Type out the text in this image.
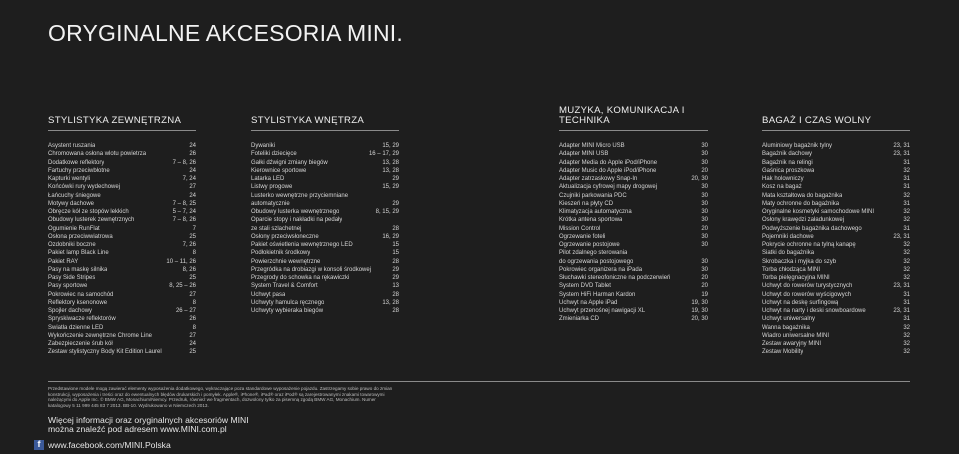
ORYGINALNE AKCESORIA MINI.
STYLISTYKA ZEWNĘTRZNA
Asystent ruszania	24
Chromowana osłona wlotu powietrza	26
Dodatkowe reflektory	7 – 8, 26
Fartuchy przeciwbłotne	24
Kapturki wentyli	7, 24
Końcówki rury wydechowej	27
Łańcuchy śniegowe	24
Motywy dachowe	7 – 8, 25
Obręcze kół ze stopów lekkich	5 – 7, 24
Obudowy lusterek zewnętrznych	7 – 8, 26
Ogumienie RunFlat	7
Osłona przeciwwiatrowa	25
Ozdobniki boczne	7, 26
Pakiet lamp Black Line	8
Pakiet RAY	10 – 11, 26
Pasy na maskę silnika	8, 26
Pasy Side Stripes	25
Pasy sportowe	8, 25 – 26
Pokrowiec na samochód	27
Reflektory ksenonowe	8
Spojler dachowy	26 – 27
Spryskiwacze reflektorów	26
Światła dzienne LED	8
Wykończenie zewnętrzne Chrome Line	27
Zabezpieczenie śrub kół	24
Zestaw stylistyczny Body Kit Edition Laurel	25
STYLISTYKA WNĘTRZA
Dywaniki	15, 29
Foteliki dziecięce	16 – 17, 29
Gałki dźwigni zmiany biegów	13, 28
Kierownice sportowe	13, 28
Latarka LED	29
Listwy progowe	15, 29
Lusterko wewnętrzne przyciemniane
automatycznie	29
Obudowy lusterka wewnętrznego	8, 15, 29
Oparcie stopy i nakładki na pedały
ze stali szlachetnej	28
Osłony przeciwsłoneczne	16, 29
Pakiet oświetlenia wewnętrznego LED	15
Podłokietnik środkowy	15
Powierzchnie wewnętrzne	28
Przegródka na drobiazgi w konsoli środkowej	29
Przegrody do schowka na rękawiczki	29
System Travel & Comfort	13
Uchwyt pasa	28
Uchwyty hamulca ręcznego	13, 28
Uchwyty wybieraka biegów	28
MUZYKA, KOMUNIKACJA I TECHNIKA
Adapter MINI Micro USB	30
Adapter MINI USB	30
Adapter Media do Apple iPod/iPhone	30
Adapter Music do Apple iPod/iPhone	20
Adapter zatrzaskowy Snap-In	20, 30
Aktualizacja cyfrowej mapy drogowej	30
Czujniki parkowania PDC	30
Kieszeń na płyty CD	30
Klimatyzacja automatyczna	30
Krótka antena sportowa	30
Mission Control	20
Ogrzewanie foteli	30
Ogrzewanie postojowe	30
Pilot zdalnego sterowania
do ogrzewania postojowego	30
Pokrowiec organizera na iPada	30
Słuchawki stereofoniczne na podczerwień	20
System DVD Tablet	20
System HiFi Harman Kardon	19
Uchwyt na Apple iPad	19, 30
Uchwyt przenośnej nawigacji XL	19, 30
Zmieniarka CD	20, 30
BAGAŻ I CZAS WOLNY
Aluminiowy bagażnik tylny	23, 31
Bagażnik dachowy	23, 31
Bagażnik na relingi	31
Gaśnica proszkowa	32
Hak holowniczy	31
Kosz na bagaż	31
Mata kształtowa do bagażnika	32
Maty ochronne do bagażnika	31
Oryginalne kosmetyki samochodowe MINI	32
Osłony krawędzi załadunkowej	32
Podwyższenie bagażnika dachowego	31
Pojemniki dachowe	23, 31
Pokrycie ochronne na tylną kanapę	32
Siatki do bagażnika	32
Skrobaczka i myjka do szyb	32
Torba chłodząca MINI	32
Torba pielęgnacyjna MINI	32
Uchwyt do rowerów turystycznych	23, 31
Uchwyt do rowerów wyścigowych	31
Uchwyt na deskę surfingową	31
Uchwyt na narty i deski snowboardowe	23, 31
Uchwyt uniwersalny	31
Wanna bagażnika	32
Wiadro uniwersalne MINI	32
Zestaw awaryjny MINI	32
Zestaw Mobility	32
Przedstawione modele mogą zawierać elementy wyposażenia dodatkowego, wykraczające poza standardowe wyposażenie pojazdu. Zastrzegamy sobie prawo do zmian konstrukcji, wyposażenia i treści oraz do ewentualnych błędów drukarskich i pomyłek. Apple®, iPhone®, iPad® oraz iPod® są zarejestrowanymi znakami towarowymi należącymi do Apple Inc. © BMW AG, Monachium/Niemcy. Przedruk, również we fragmentach, dozwolony tylko za pisemną zgodą BMW AG, Monachium. Numer katalogowy 5 11 999 445 83 7 2013. BB-10. Wydrukowano w Niemczech 2013.
Więcej informacji oraz oryginalnych akcesoriów MINI
można znaleźć pod adresem www.MINI.com.pl
f www.facebook.com/MINI.Polska
